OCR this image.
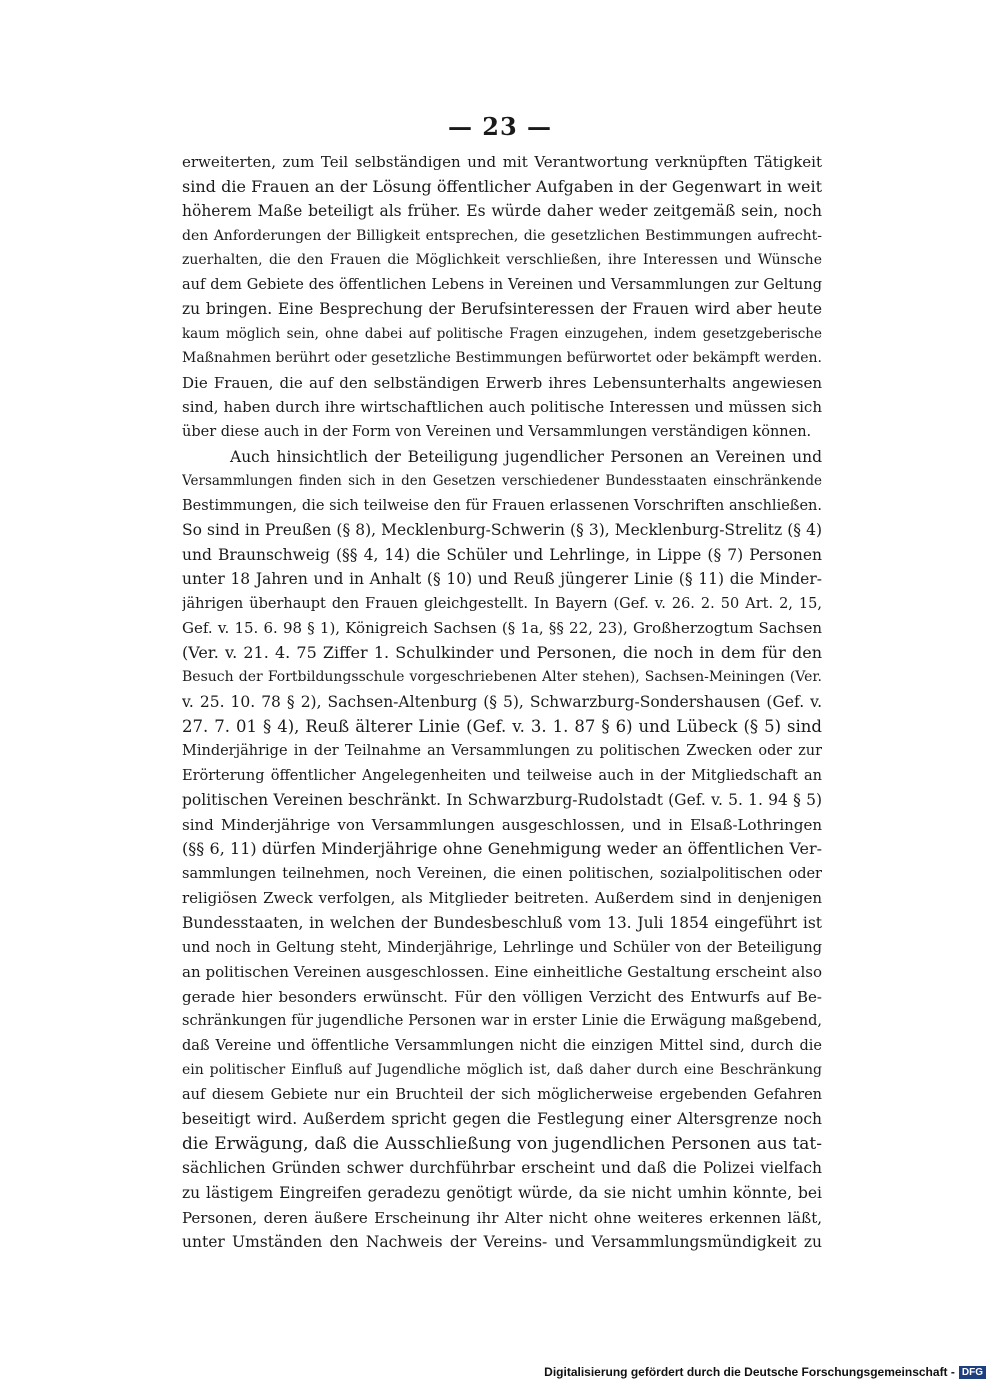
— 23 —
erweiterten, zum Teil selbständigen und mit Verantwortung verknüpften Tätigkeit
sind die Frauen an der Lösung öffentlicher Aufgaben in der Gegenwart in weit
höherem Maße beteiligt als früher. Es würde daher weder zeitgemäß sein, noch
den Anforderungen der Billigkeit entsprechen, die gesetzlichen Bestimmungen aufrecht-
zuerhalten, die den Frauen die Möglichkeit verschließen, ihre Interessen und Wünsche
auf dem Gebiete des öffentlichen Lebens in Vereinen und Versammlungen zur Geltung
zu bringen. Eine Besprechung der Berufsinteressen der Frauen wird aber heute
kaum möglich sein, ohne dabei auf politische Fragen einzugehen, indem gesetzgeberische
Maßnahmen berührt oder gesetzliche Bestimmungen befürwortet oder bekämpft werden.
Die Frauen, die auf den selbständigen Erwerb ihres Lebensunterhalts angewiesen
sind, haben durch ihre wirtschaftlichen auch politische Interessen und müssen sich
über diese auch in der Form von Vereinen und Versammlungen verständigen können.
Auch hinsichtlich der Beteiligung jugendlicher Personen an Vereinen und
Versammlungen finden sich in den Gesetzen verschiedener Bundesstaaten einschränkende
Bestimmungen, die sich teilweise den für Frauen erlassenen Vorschriften anschließen.
So sind in Preußen (§ 8), Mecklenburg-Schwerin (§ 3), Mecklenburg-Strelitz (§ 4)
und Braunschweig (§§ 4, 14) die Schüler und Lehrlinge, in Lippe (§ 7) Personen
unter 18 Jahren und in Anhalt (§ 10) und Reuß jüngerer Linie (§ 11) die Minder-
jährigen überhaupt den Frauen gleichgestellt. In Bayern (Gef. v. 26. 2. 50 Art. 2, 15,
Gef. v. 15. 6. 98 § 1), Königreich Sachsen (§ 1a, §§ 22, 23), Großherzogtum Sachsen
(Ver. v. 21. 4. 75 Ziffer 1. Schulkinder und Personen, die noch in dem für den
Besuch der Fortbildungsschule vorgeschriebenen Alter stehen), Sachsen-Meiningen (Ver.
v. 25. 10. 78 § 2), Sachsen-Altenburg (§ 5), Schwarzburg-Sondershausen (Gef. v.
27. 7. 01 § 4), Reuß älterer Linie (Gef. v. 3. 1. 87 § 6) und Lübeck (§ 5) sind
Minderjährige in der Teilnahme an Versammlungen zu politischen Zwecken oder zur
Erörterung öffentlicher Angelegenheiten und teilweise auch in der Mitgliedschaft an
politischen Vereinen beschränkt. In Schwarzburg-Rudolstadt (Gef. v. 5. 1. 94 § 5)
sind Minderjährige von Versammlungen ausgeschlossen, und in Elsaß-Lothringen
(§§ 6, 11) dürfen Minderjährige ohne Genehmigung weder an öffentlichen Ver-
sammlungen teilnehmen, noch Vereinen, die einen politischen, sozialpolitischen oder
religiösen Zweck verfolgen, als Mitglieder beitreten. Außerdem sind in denjenigen
Bundesstaaten, in welchen der Bundesbeschluß vom 13. Juli 1854 eingeführt ist
und noch in Geltung steht, Minderjährige, Lehrlinge und Schüler von der Beteiligung
an politischen Vereinen ausgeschlossen. Eine einheitliche Gestaltung erscheint also
gerade hier besonders erwünscht. Für den völligen Verzicht des Entwurfs auf Be-
schränkungen für jugendliche Personen war in erster Linie die Erwägung maßgebend,
daß Vereine und öffentliche Versammlungen nicht die einzigen Mittel sind, durch die
ein politischer Einfluß auf Jugendliche möglich ist, daß daher durch eine Beschränkung
auf diesem Gebiete nur ein Bruchteil der sich möglicherweise ergebenden Gefahren
beseitigt wird. Außerdem spricht gegen die Festlegung einer Altersgrenze noch
die Erwägung, daß die Ausschließung von jugendlichen Personen aus tat-
sächlichen Gründen schwer durchführbar erscheint und daß die Polizei vielfach
zu lästigem Eingreifen geradezu genötigt würde, da sie nicht umhin könnte, bei
Personen, deren äußere Erscheinung ihr Alter nicht ohne weiteres erkennen läßt,
unter Umständen den Nachweis der Vereins- und Versammlungsmündigkeit zu
Digitalisierung gefördert durch die Deutsche Forschungsgemeinschaft - DFG
